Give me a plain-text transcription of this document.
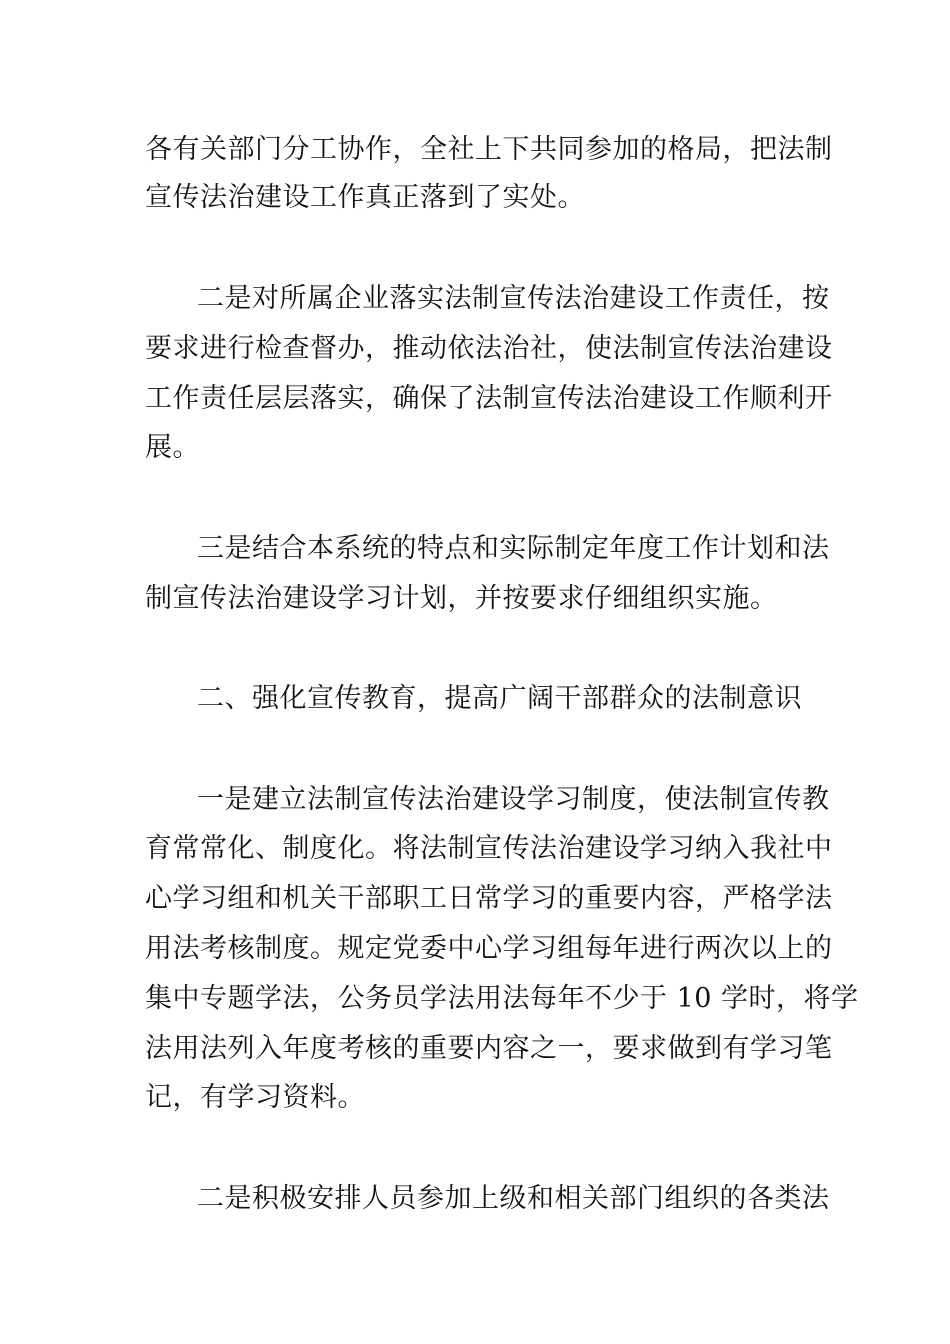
各有关部门分工协作，全社上下共同参加的格局，把法制
宣传法治建设工作真正落到了实处。
二是对所属企业落实法制宣传法治建设工作责任，按
要求进行检查督办，推动依法治社，使法制宣传法治建设
工作责任层层落实，确保了法制宣传法治建设工作顺利开
展。
三是结合本系统的特点和实际制定年度工作计划和法
制宣传法治建设学习计划，并按要求仔细组织实施。
二、强化宣传教育，提高广阔干部群众的法制意识
一是建立法制宣传法治建设学习制度，使法制宣传教
育常常化、制度化。将法制宣传法治建设学习纳入我社中
心学习组和机关干部职工日常学习的重要内容，严格学法
用法考核制度。规定党委中心学习组每年进行两次以上的
集中专题学法，公务员学法用法每年不少于 10 学时，将学
法用法列入年度考核的重要内容之一，要求做到有学习笔
记，有学习资料。
二是积极安排人员参加上级和相关部门组织的各类法
